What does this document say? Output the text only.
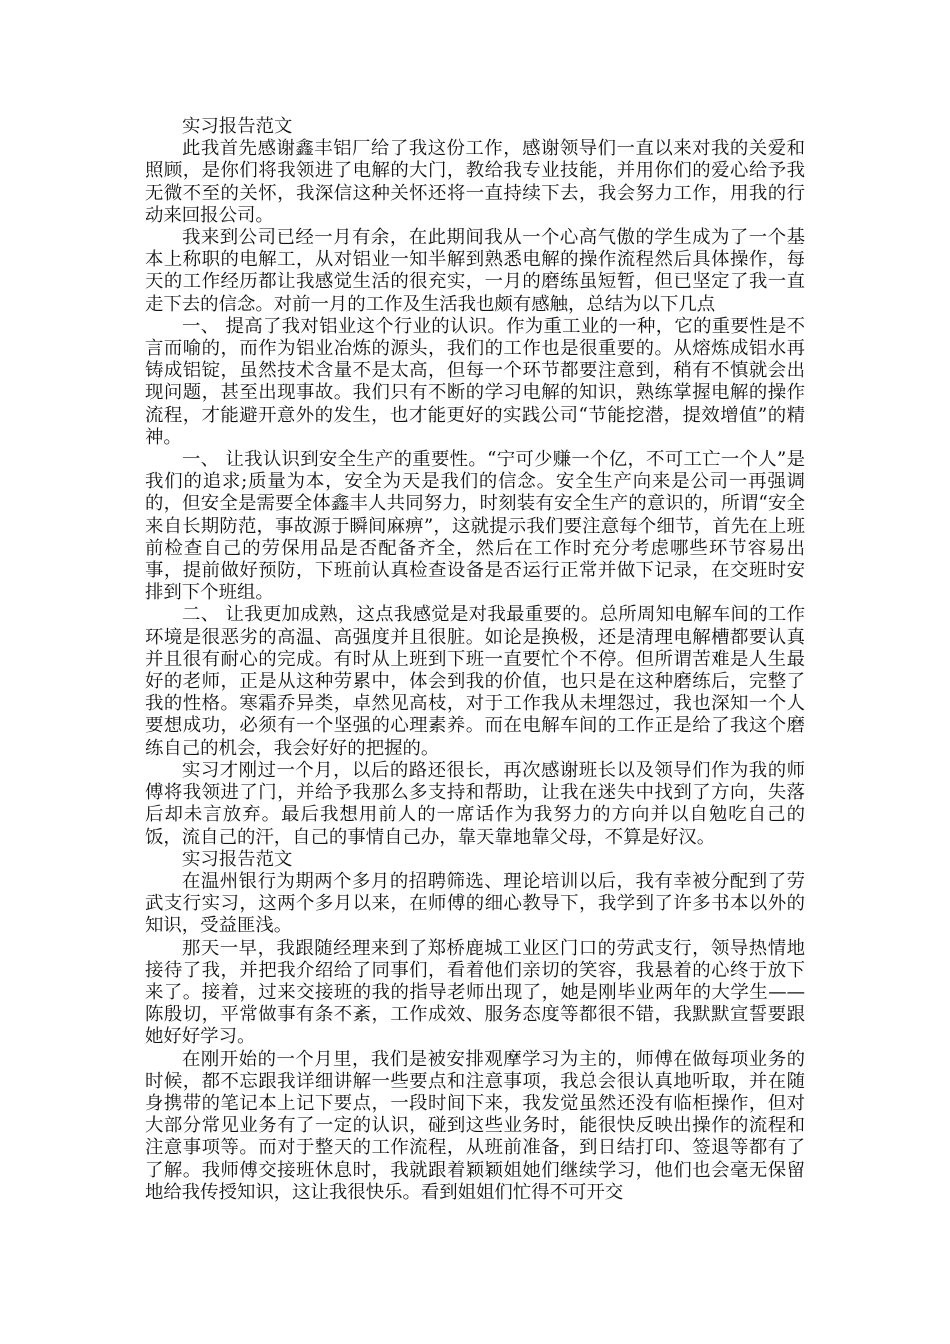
实习报告范文

此我首先感谢鑫丰铝厂给了我这份工作，感谢领导们一直以来对我的关爱和照顾，是你们将我领进了电解的大门，教给我专业技能，并用你们的爱心给予我无微不至的关怀，我深信这种关怀还将一直持续下去，我会努力工作，用我的行动来回报公司。

我来到公司已经一月有余，在此期间我从一个心高气傲的学生成为了一个基本上称职的电解工，从对铝业一知半解到熟悉电解的操作流程然后具体操作，每天的工作经历都让我感觉生活的很充实，一月的磨练虽短暂，但已坚定了我一直走下去的信念。对前一月的工作及生活我也颇有感触，总结为以下几点

一、 提高了我对铝业这个行业的认识。作为重工业的一种，它的重要性是不言而喻的，而作为铝业冶炼的源头，我们的工作也是很重要的。从熔炼成铝水再铸成铝锭，虽然技术含量不是太高，但每一个环节都要注意到，稍有不慎就会出现问题，甚至出现事故。我们只有不断的学习电解的知识，熟练掌握电解的操作流程，才能避开意外的发生，也才能更好的实践公司“节能挖潜，提效增值”的精神。

一、 让我认识到安全生产的重要性。“宁可少赚一个亿，不可工亡一个人”是我们的追求;质量为本，安全为天是我们的信念。安全生产向来是公司一再强调的，但安全是需要全体鑫丰人共同努力，时刻装有安全生产的意识的，所谓“安全来自长期防范，事故源于瞬间麻痹”，这就提示我们要注意每个细节，首先在上班前检查自己的劳保用品是否配备齐全，然后在工作时充分考虑哪些环节容易出事，提前做好预防，下班前认真检查设备是否运行正常并做下记录，在交班时安排到下个班组。

二、 让我更加成熟，这点我感觉是对我最重要的。总所周知电解车间的工作环境是很恶劣的高温、高强度并且很脏。如论是换极，还是清理电解槽都要认真并且很有耐心的完成。有时从上班到下班一直要忙个不停。但所谓苦难是人生最好的老师，正是从这种劳累中，体会到我的价值，也只是在这种磨练后，完整了我的性格。寒霜乔异类，卓然见高枝，对于工作我从未埋怨过，我也深知一个人要想成功，必须有一个坚强的心理素养。而在电解车间的工作正是给了我这个磨练自己的机会，我会好好的把握的。

实习才刚过一个月，以后的路还很长，再次感谢班长以及领导们作为我的师傅将我领进了门，并给予我那么多支持和帮助，让我在迷失中找到了方向，失落后却未言放弃。最后我想用前人的一席话作为我努力的方向并以自勉吃自己的饭，流自己的汗，自己的事情自己办，靠天靠地靠父母，不算是好汉。

实习报告范文

在温州银行为期两个多月的招聘筛选、理论培训以后，我有幸被分配到了劳武支行实习，这两个多月以来，在师傅的细心教导下，我学到了许多书本以外的知识，受益匪浅。

那天一早，我跟随经理来到了郑桥鹿城工业区门口的劳武支行，领导热情地接待了我，并把我介绍给了同事们，看着他们亲切的笑容，我悬着的心终于放下来了。接着，过来交接班的我的指导老师出现了，她是刚毕业两年的大学生——陈殷切，平常做事有条不紊，工作成效、服务态度等都很不错，我默默宣誓要跟她好好学习。

在刚开始的一个月里，我们是被安排观摩学习为主的，师傅在做每项业务的时候，都不忘跟我详细讲解一些要点和注意事项，我总会很认真地听取，并在随身携带的笔记本上记下要点，一段时间下来，我发觉虽然还没有临柜操作，但对大部分常见业务有了一定的认识，碰到这些业务时，能很快反映出操作的流程和注意事项等。而对于整天的工作流程，从班前准备，到日结打印、签退等都有了了解。我师傅交接班休息时，我就跟着颖颖姐她们继续学习，他们也会毫无保留地给我传授知识，这让我很快乐。看到姐姐们忙得不可开交
